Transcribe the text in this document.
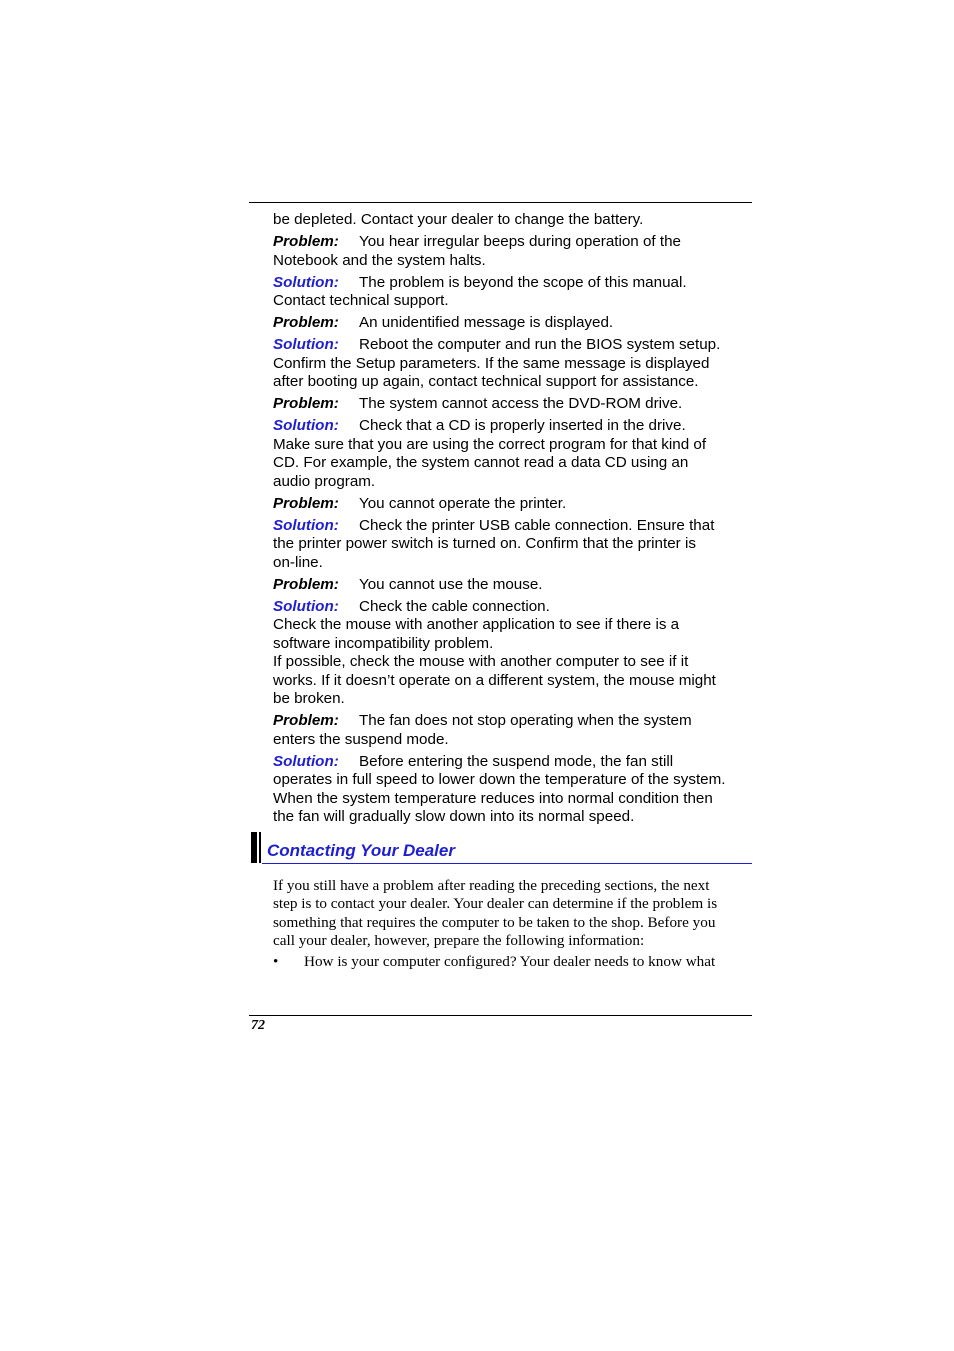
be depleted. Contact your dealer to change the battery.
Problem: You hear irregular beeps during operation of the
Notebook and the system halts.
Solution: The problem is beyond the scope of this manual.
Contact technical support.
Problem: An unidentified message is displayed.
Solution: Reboot the computer and run the BIOS system setup.
Confirm the Setup parameters. If the same message is displayed
after booting up again, contact technical support for assistance.
Problem: The system cannot access the DVD-ROM drive.
Solution: Check that a CD is properly inserted in the drive.
Make sure that you are using the correct program for that kind of
CD. For example, the system cannot read a data CD using an
audio program.
Problem: You cannot operate the printer.
Solution: Check the printer USB cable connection. Ensure that
the printer power switch is turned on. Confirm that the printer is
on-line.
Problem: You cannot use the mouse.
Solution: Check the cable connection.
Check the mouse with another application to see if there is a
software incompatibility problem.
If possible, check the mouse with another computer to see if it
works. If it doesn’t operate on a different system, the mouse might
be broken.
Problem: The fan does not stop operating when the system
enters the suspend mode.
Solution: Before entering the suspend mode, the fan still
operates in full speed to lower down the temperature of the system.
When the system temperature reduces into normal condition then
the fan will gradually slow down into its normal speed.
Contacting Your Dealer
If you still have a problem after reading the preceding sections, the next
step is to contact your dealer. Your dealer can determine if the problem is
something that requires the computer to be taken to the shop. Before you
call your dealer, however, prepare the following information:
• How is your computer configured? Your dealer needs to know what
72
